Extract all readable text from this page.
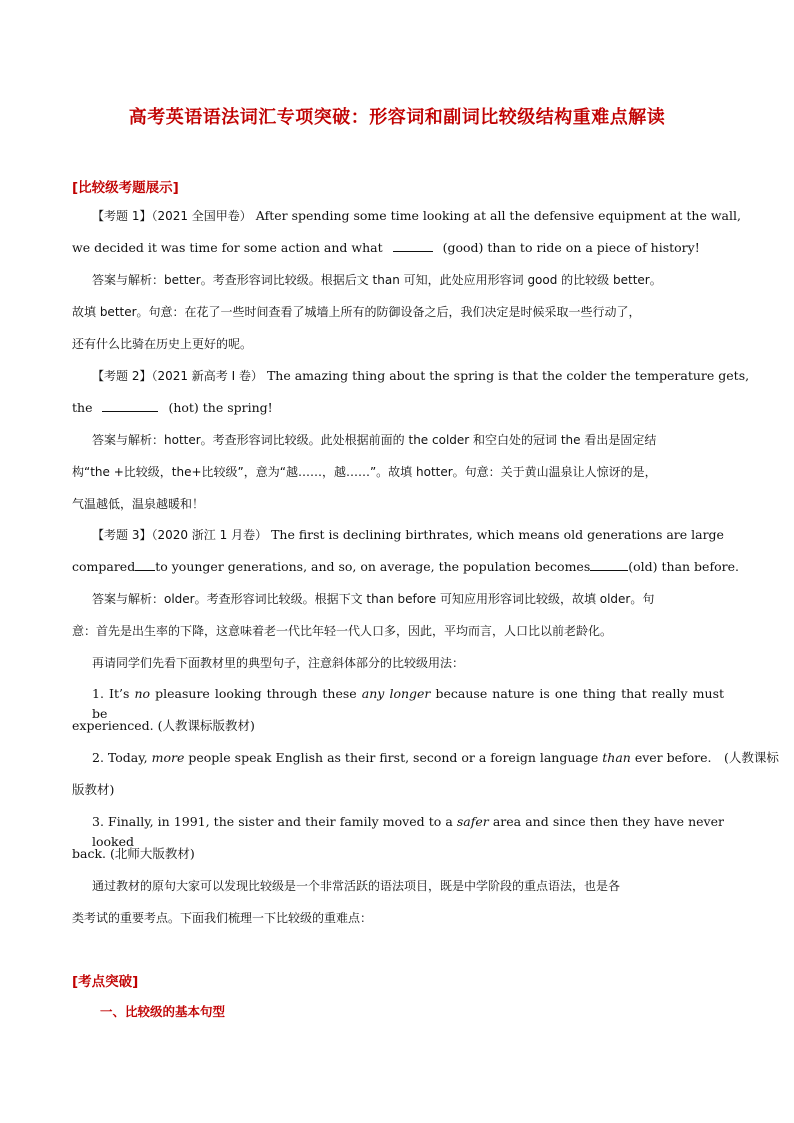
高考英语语法词汇专项突破：形容词和副词比较级结构重难点解读
[比较级考题展示]
【考题 1】（2021 全国甲卷） After spending some time looking at all the defensive equipment at the wall,
we decided it was time for some action and what	(good) than to ride on a piece of history!
答案与解析：better。考查形容词比较级。根据后文 than 可知，此处应用形容词 good 的比较级 better。
故填 better。句意：在花了一些时间查看了城墙上所有的防御设备之后，我们决定是时候采取一些行动了，
还有什么比骑在历史上更好的呢。
【考题 2】（2021 新高考 I 卷） The amazing thing about the spring is that the colder the temperature gets,
the	(hot) the spring!
答案与解析：hotter。考查形容词比较级。此处根据前面的 the colder 和空白处的冠词 the 看出是固定结
构“the +比较级，the+比较级”，意为“越……，越……”。故填 hotter。句意：关于黄山温泉让人惊讶的是，
气温越低，温泉越暖和！
【考题 3】（2020 浙江 1 月卷） The first is declining birthrates, which means old generations are large
compared to younger generations, and so, on average, the population becomes	(old) than before.
答案与解析：older。考查形容词比较级。根据下文 than before 可知应用形容词比较级，故填 older。句
意：首先是出生率的下降，这意味着老一代比年轻一代人口多，因此，平均而言，人口比以前老龄化。
再请同学们先看下面教材里的典型句子，注意斜体部分的比较级用法：
1. It’s no pleasure looking through these any longer because nature is one thing that really must be
experienced. (人教课标版教材)
2. Today, more people speak English as their first, second or a foreign language than ever before.　(人教课标
版教材)
3. Finally, in 1991, the sister and their family moved to a safer area and since then they have never looked
back. (北师大版教材)
通过教材的原句大家可以发现比较级是一个非常活跃的语法项目，既是中学阶段的重点语法，也是各
类考试的重要考点。下面我们梳理一下比较级的重难点：
[考点突破]
一、比较级的基本句型
